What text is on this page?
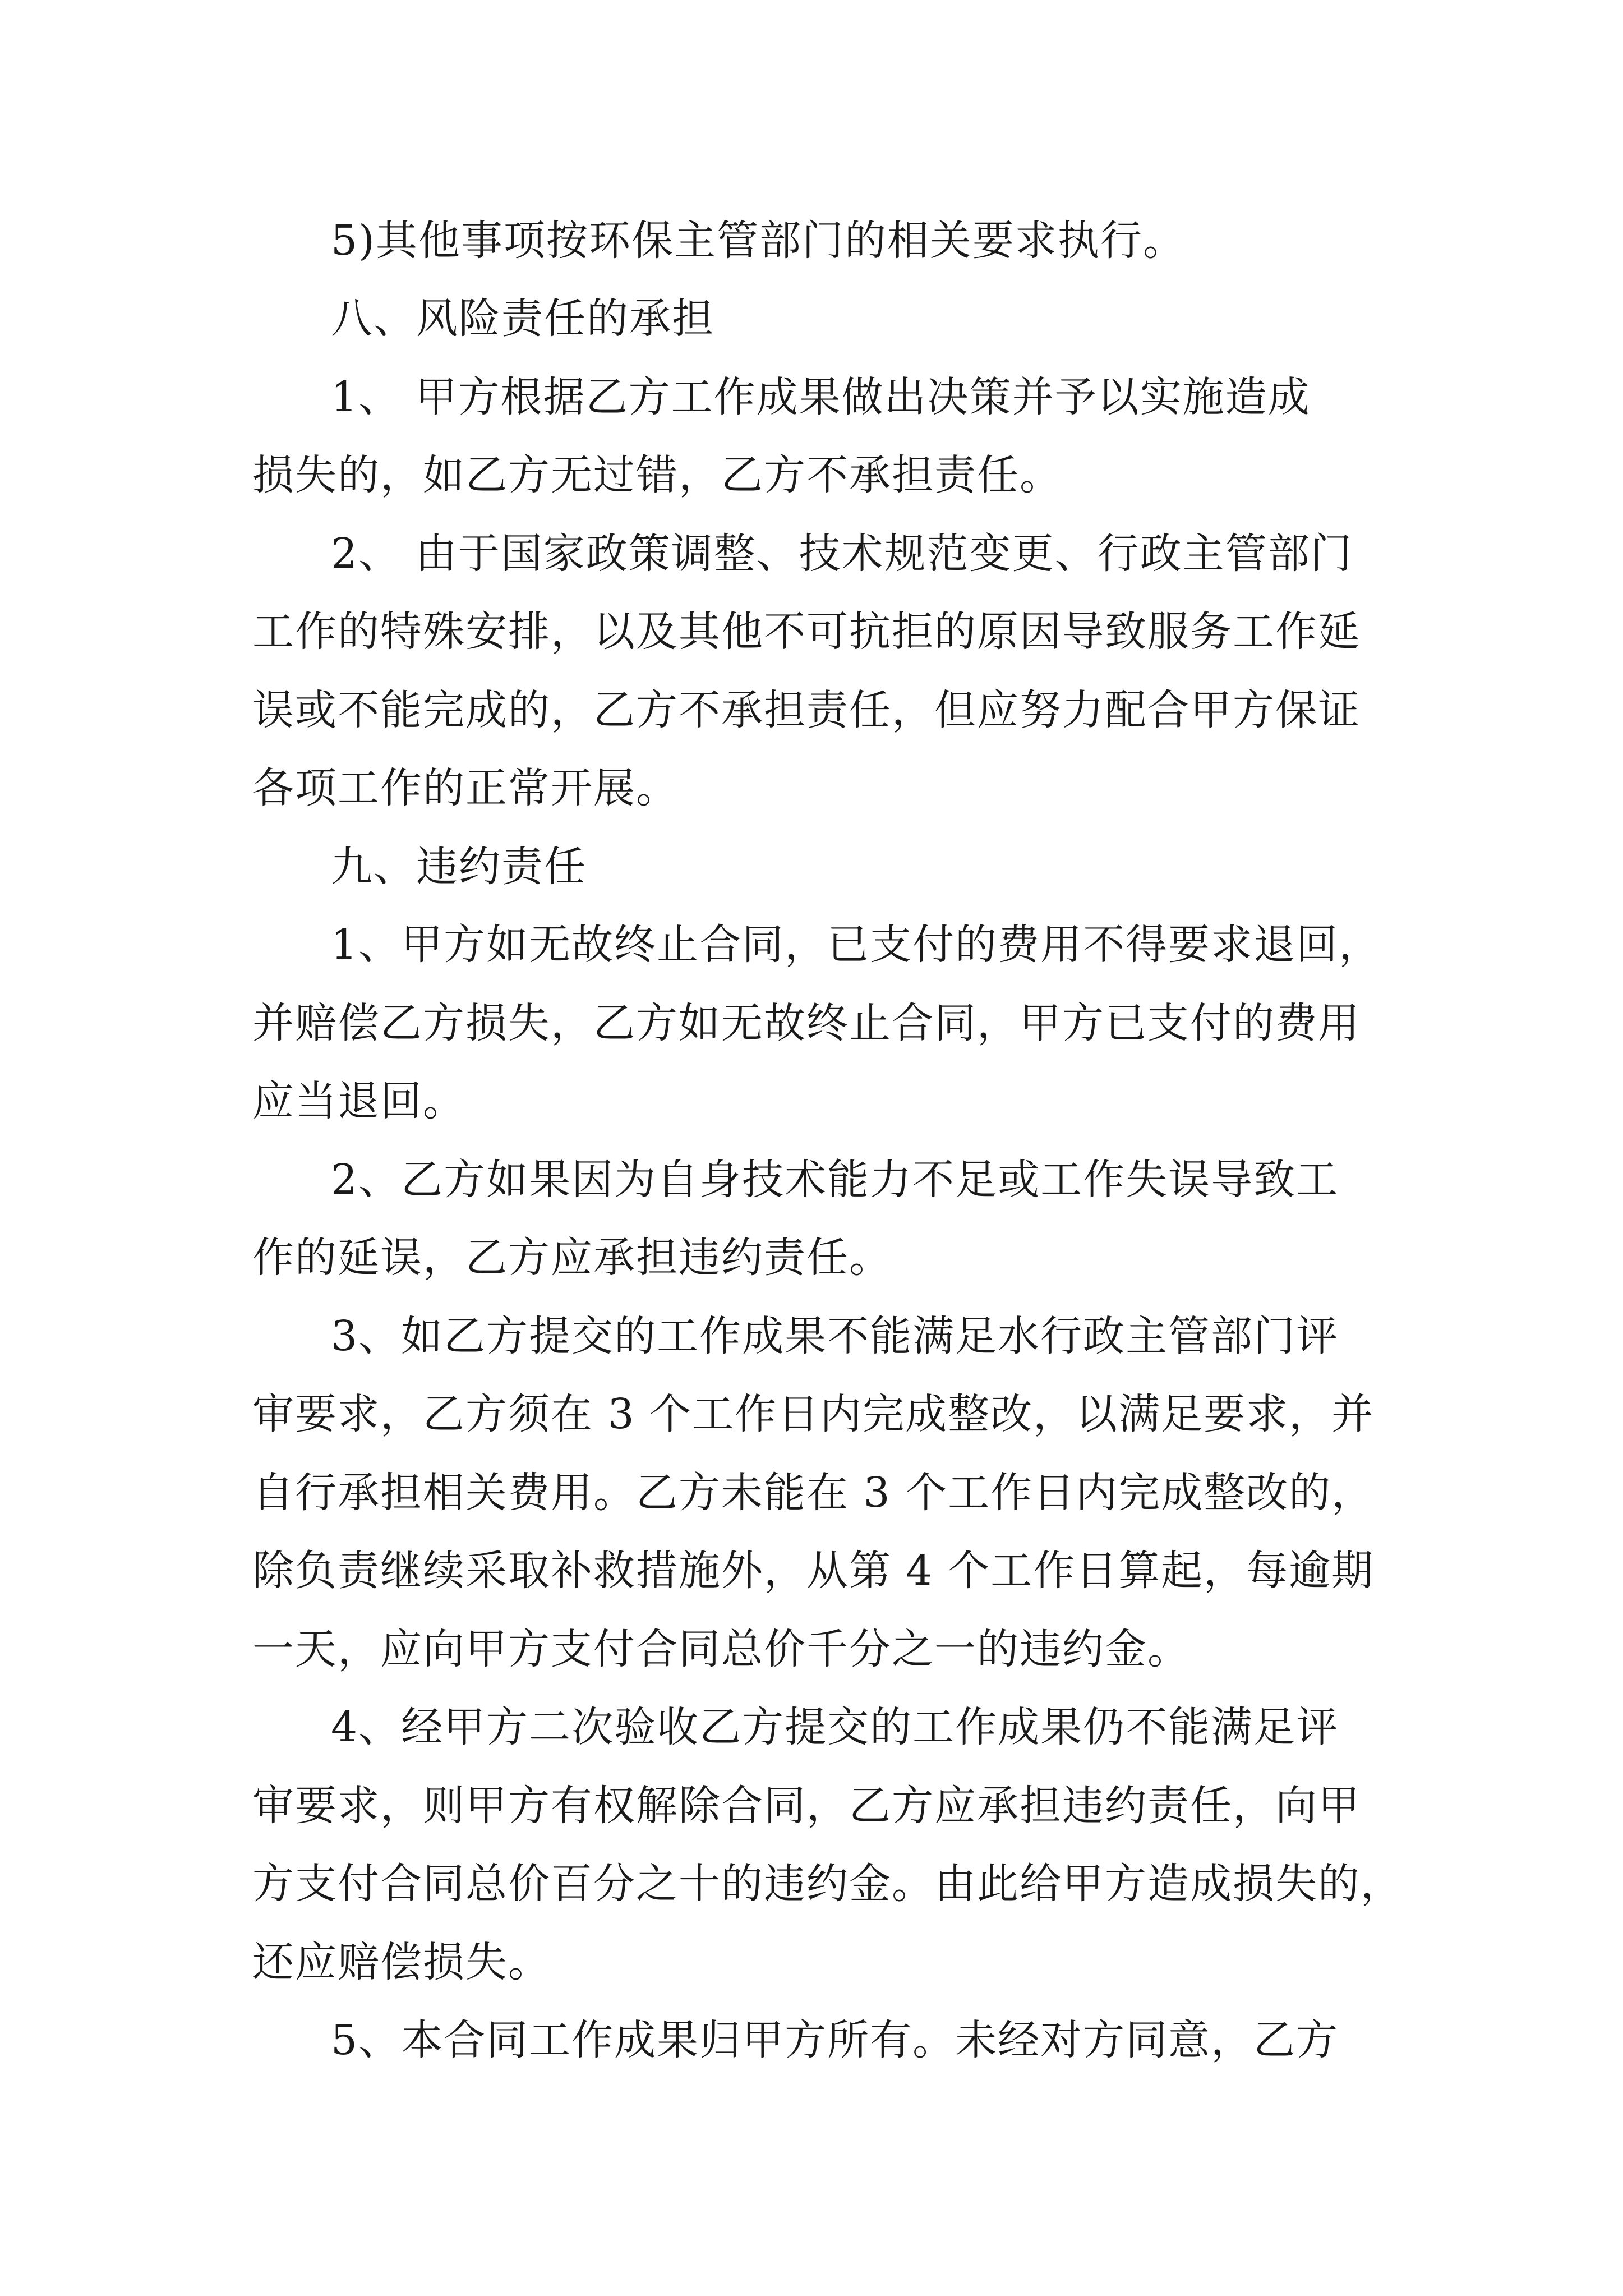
5)其他事项按环保主管部门的相关要求执行。

八、风险责任的承担

1、 甲方根据乙方工作成果做出决策并予以实施造成

损失的，如乙方无过错，乙方不承担责任。

2、 由于国家政策调整、技术规范变更、行政主管部门

工作的特殊安排，以及其他不可抗拒的原因导致服务工作延

误或不能完成的，乙方不承担责任，但应努力配合甲方保证

各项工作的正常开展。

九、违约责任

1、甲方如无故终止合同，已支付的费用不得要求退回，

并赔偿乙方损失，乙方如无故终止合同，甲方已支付的费用

应当退回。

2、乙方如果因为自身技术能力不足或工作失误导致工

作的延误，乙方应承担违约责任。

3、如乙方提交的工作成果不能满足水行政主管部门评

审要求，乙方须在 3 个工作日内完成整改，以满足要求，并

自行承担相关费用。乙方未能在 3 个工作日内完成整改的，

除负责继续采取补救措施外，从第 4 个工作日算起，每逾期

一天，应向甲方支付合同总价千分之一的违约金。

4、经甲方二次验收乙方提交的工作成果仍不能满足评

审要求，则甲方有权解除合同，乙方应承担违约责任，向甲

方支付合同总价百分之十的违约金。由此给甲方造成损失的，

还应赔偿损失。

5、本合同工作成果归甲方所有。未经对方同意，乙方
